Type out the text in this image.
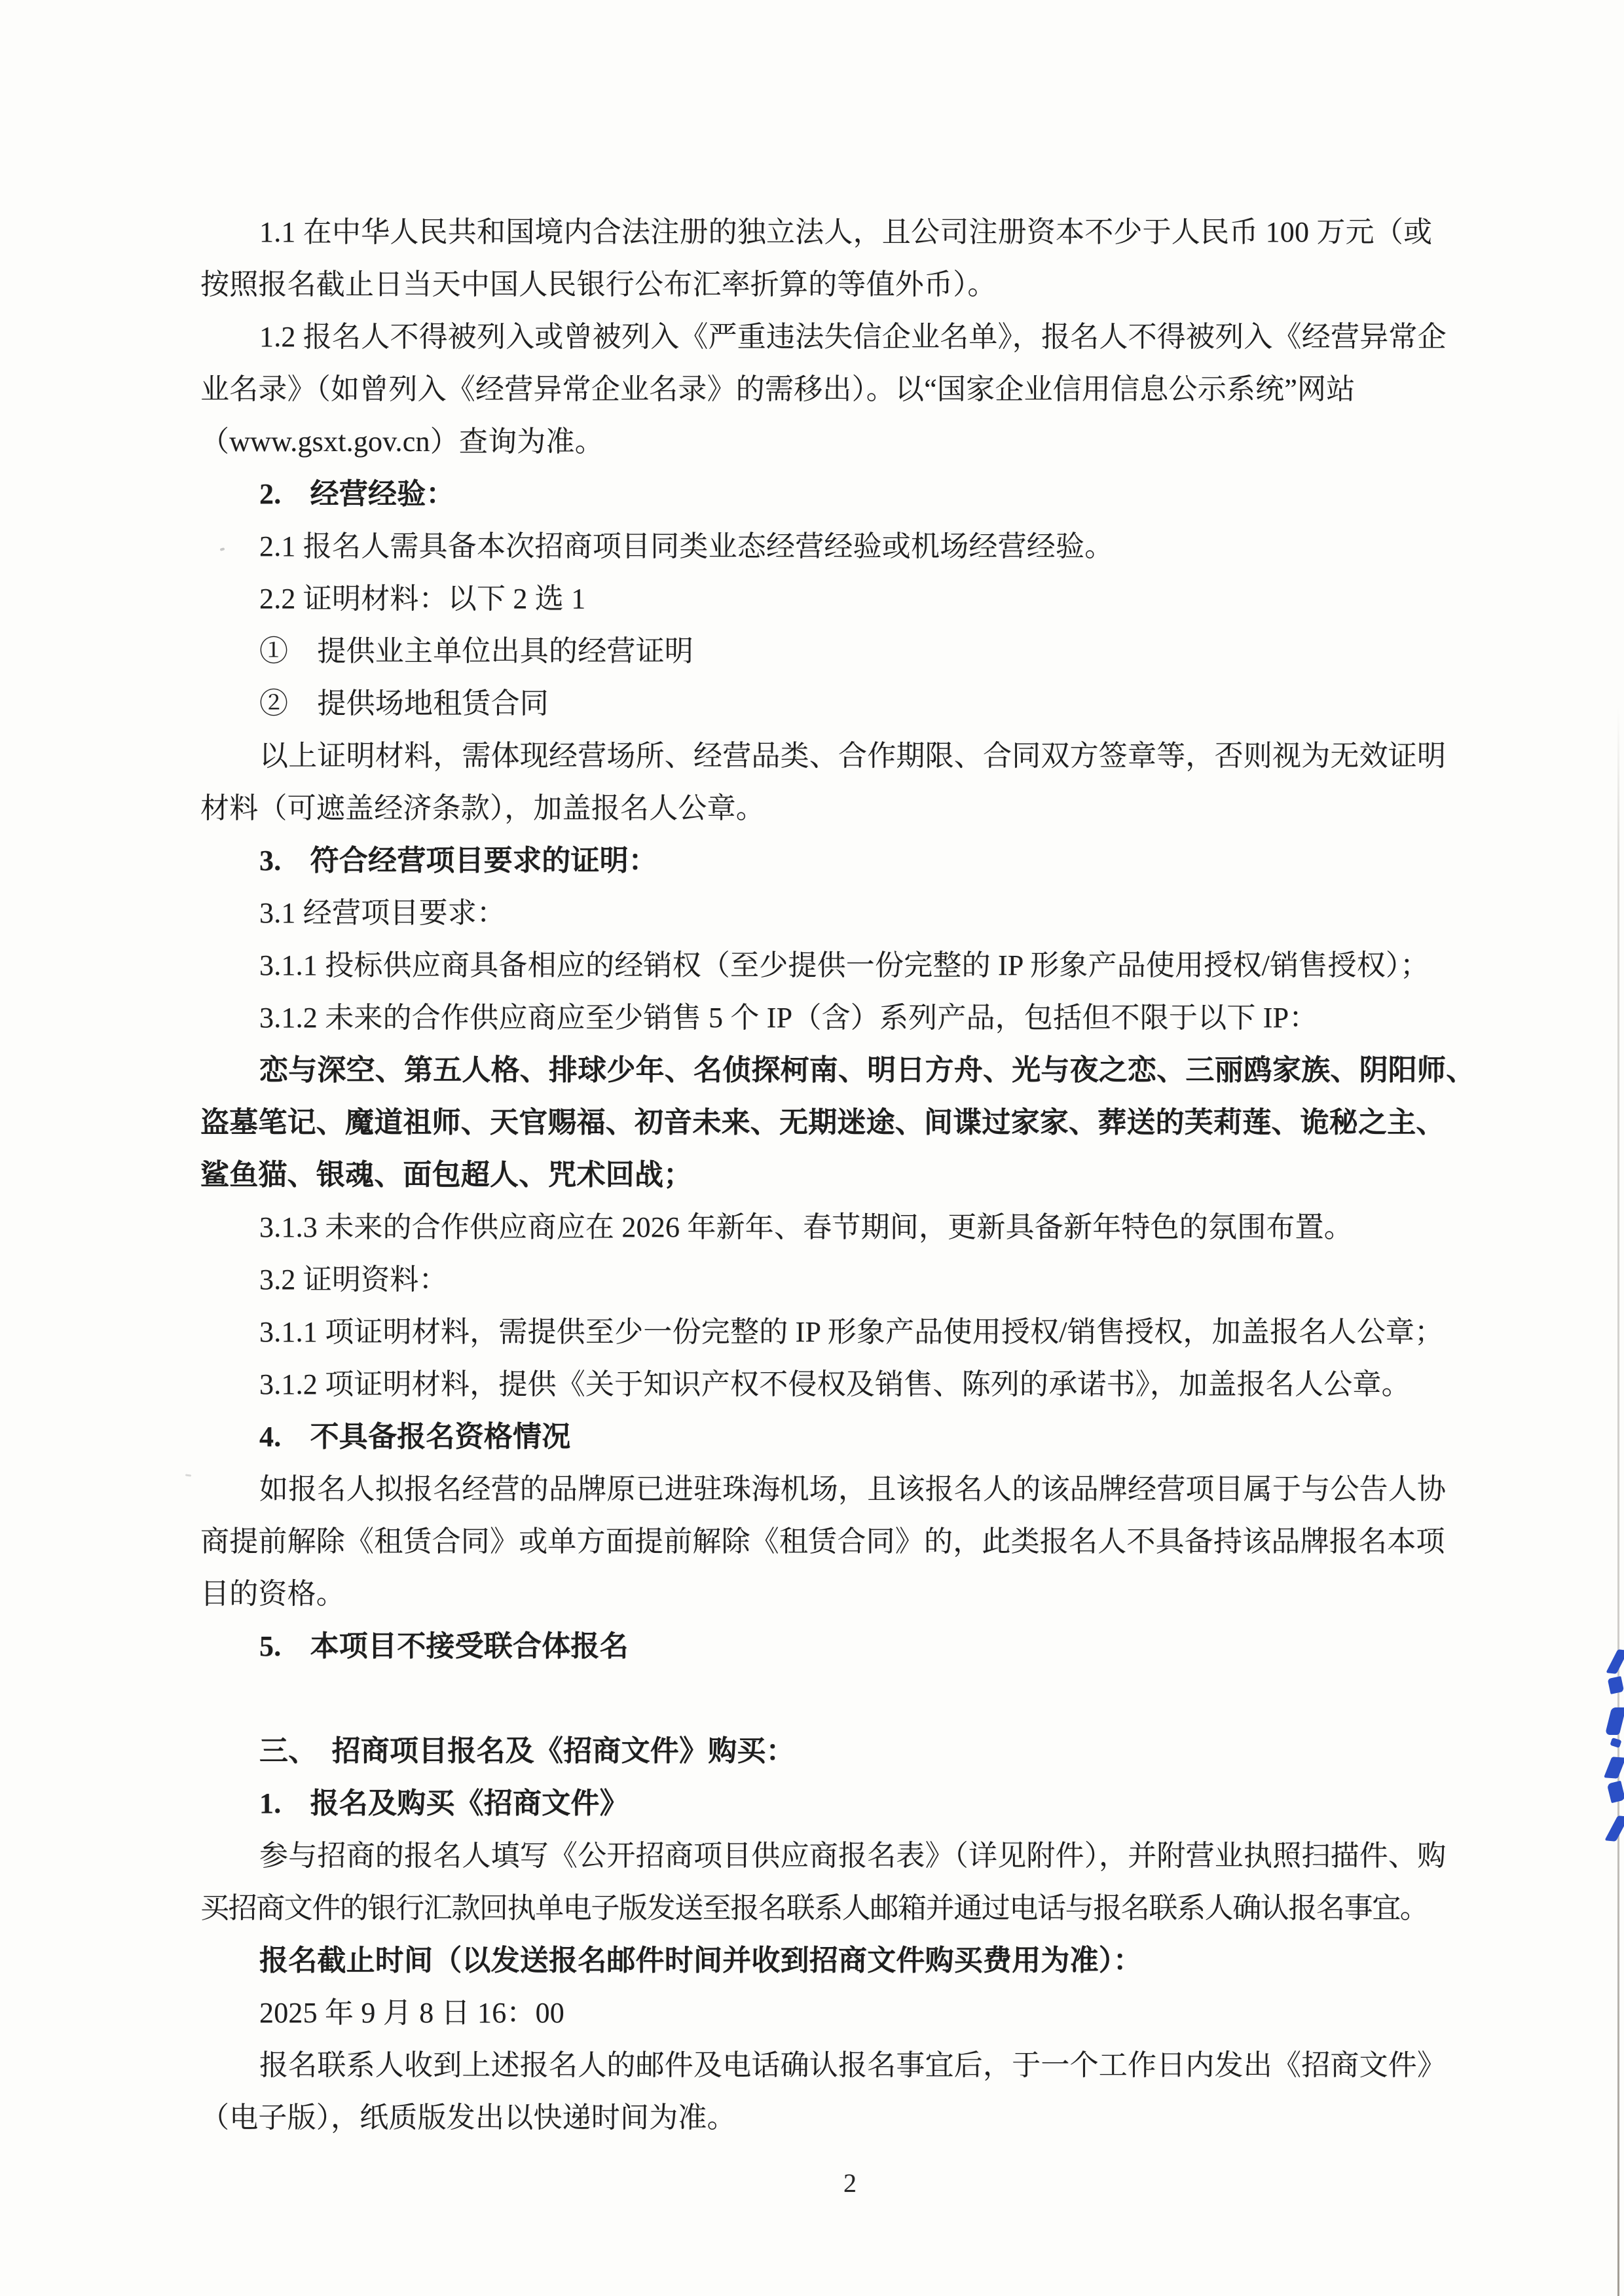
1.1 在中华人民共和国境内合法注册的独立法人，且公司注册资本不少于人民币 100 万元（或
按照报名截止日当天中国人民银行公布汇率折算的等值外币）。
1.2 报名人不得被列入或曾被列入《严重违法失信企业名单》，报名人不得被列入《经营异常企
业名录》（如曾列入《经营异常企业名录》的需移出）。以“国家企业信用信息公示系统”网站
（www.gsxt.gov.cn）查询为准。
2.　经营经验：
2.1 报名人需具备本次招商项目同类业态经营经验或机场经营经验。
2.2 证明材料：以下 2 选 1
①　提供业主单位出具的经营证明
②　提供场地租赁合同
以上证明材料，需体现经营场所、经营品类、合作期限、合同双方签章等，否则视为无效证明
材料（可遮盖经济条款），加盖报名人公章。
3.　符合经营项目要求的证明：
3.1 经营项目要求：
3.1.1 投标供应商具备相应的经销权（至少提供一份完整的 IP 形象产品使用授权/销售授权）；
3.1.2 未来的合作供应商应至少销售 5 个 IP（含）系列产品，包括但不限于以下 IP：
恋与深空、第五人格、排球少年、名侦探柯南、明日方舟、光与夜之恋、三丽鸥家族、阴阳师、
盗墓笔记、魔道祖师、天官赐福、初音未来、无期迷途、间谍过家家、葬送的芙莉莲、诡秘之主、
鲨鱼猫、银魂、面包超人、咒术回战；
3.1.3 未来的合作供应商应在 2026 年新年、春节期间，更新具备新年特色的氛围布置。
3.2 证明资料：
3.1.1 项证明材料，需提供至少一份完整的 IP 形象产品使用授权/销售授权，加盖报名人公章；
3.1.2 项证明材料，提供《关于知识产权不侵权及销售、陈列的承诺书》，加盖报名人公章。
4.　不具备报名资格情况
如报名人拟报名经营的品牌原已进驻珠海机场，且该报名人的该品牌经营项目属于与公告人协
商提前解除《租赁合同》或单方面提前解除《租赁合同》的，此类报名人不具备持该品牌报名本项
目的资格。
5.　本项目不接受联合体报名
三、　招商项目报名及《招商文件》购买：
1.　报名及购买《招商文件》
参与招商的报名人填写《公开招商项目供应商报名表》（详见附件），并附营业执照扫描件、购
买招商文件的银行汇款回执单电子版发送至报名联系人邮箱并通过电话与报名联系人确认报名事宜。
报名截止时间（以发送报名邮件时间并收到招商文件购买费用为准）：
2025 年 9 月 8 日 16：00
报名联系人收到上述报名人的邮件及电话确认报名事宜后，于一个工作日内发出《招商文件》
（电子版），纸质版发出以快递时间为准。
2
